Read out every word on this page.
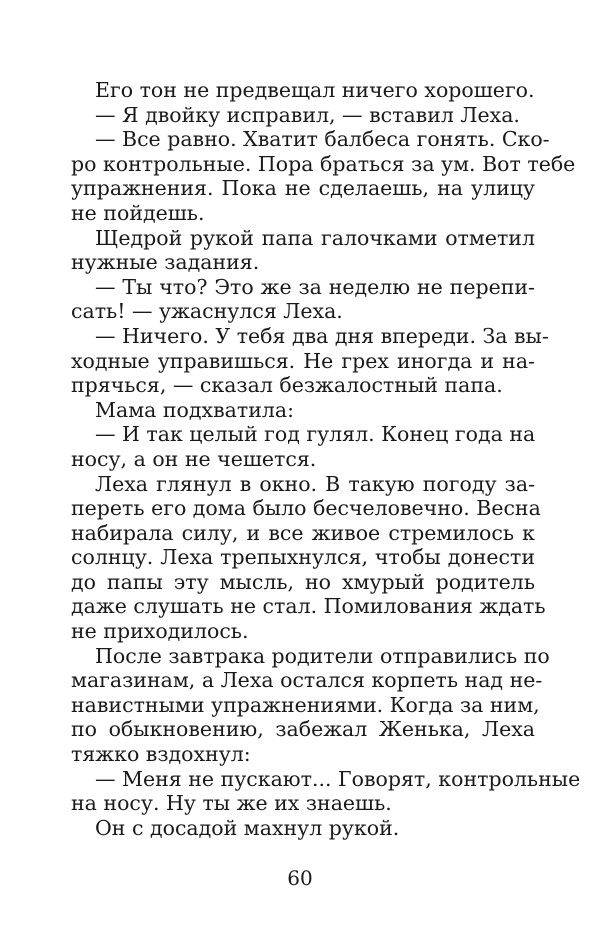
Его тон не предвещал ничего хорошего.
— Я двойку исправил, — вставил Леха.
— Все равно. Хватит балбеса гонять. Ско-
ро контрольные. Пора браться за ум. Вот тебе
упражнения. Пока не сделаешь, на улицу
не пойдешь.
Щедрой рукой папа галочками отметил
нужные задания.
— Ты что? Это же за неделю не перепи-
сать! — ужаснулся Леха.
— Ничего. У тебя два дня впереди. За вы-
ходные управишься. Не грех иногда и на-
прячься, — сказал безжалостный папа.
Мама подхватила:
— И так целый год гулял. Конец года на
носу, а он не чешется.
Леха глянул в окно. В такую погоду за-
переть его дома было бесчеловечно. Весна
набирала силу, и все живое стремилось к
солнцу. Леха трепыхнулся, чтобы донести
до папы эту мысль, но хмурый родитель
даже слушать не стал. Помилования ждать
не приходилось.
После завтрака родители отправились по
магазинам, а Леха остался корпеть над не-
навистными упражнениями. Когда за ним,
по обыкновению, забежал Женька, Леха
тяжко вздохнул:
— Меня не пускают... Говорят, контрольные
на носу. Ну ты же их знаешь.
Он с досадой махнул рукой.
60
